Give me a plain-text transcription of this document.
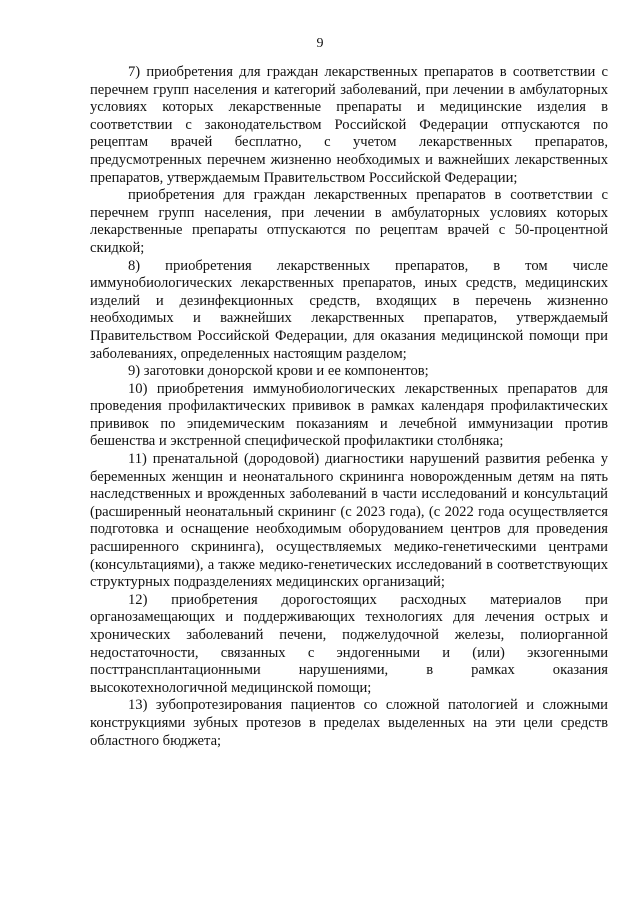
9

7) приобретения для граждан лекарственных препаратов в соответствии с перечнем групп населения и категорий заболеваний, при лечении в амбулаторных условиях которых лекарственные препараты и медицинские изделия в соответствии с законодательством Российской Федерации отпускаются по рецептам врачей бесплатно, с учетом лекарственных препаратов, предусмотренных перечнем жизненно необходимых и важнейших лекарственных препаратов, утверждаемым Правительством Российской Федерации;

приобретения для граждан лекарственных препаратов в соответствии с перечнем групп населения, при лечении в амбулаторных условиях которых лекарственные препараты отпускаются по рецептам врачей с 50-процентной скидкой;

8) приобретения лекарственных препаратов, в том числе иммунобиологических лекарственных препаратов, иных средств, медицинских изделий и дезинфекционных средств, входящих в перечень жизненно необходимых и важнейших лекарственных препаратов, утверждаемый Правительством Российской Федерации, для оказания медицинской помощи при заболеваниях, определенных настоящим разделом;

9) заготовки донорской крови и ее компонентов;

10) приобретения иммунобиологических лекарственных препаратов для проведения профилактических прививок в рамках календаря профилактических прививок по эпидемическим показаниям и лечебной иммунизации против бешенства и экстренной специфической профилактики столбняка;

11) пренатальной (дородовой) диагностики нарушений развития ребенка у беременных женщин и неонатального скрининга новорожденным детям на пять наследственных и врожденных заболеваний в части исследований и консультаций (расширенный неонатальный скрининг (с 2023 года), (с 2022 года осуществляется подготовка и оснащение необходимым оборудованием центров для проведения расширенного скрининга), осуществляемых медико-генетическими центрами (консультациями), а также медико-генетических исследований в соответствующих структурных подразделениях медицинских организаций;

12) приобретения дорогостоящих расходных материалов при органозамещающих и поддерживающих технологиях для лечения острых и хронических заболеваний печени, поджелудочной железы, полиорганной недостаточности, связанных с эндогенными и (или) экзогенными посттрансплантационными нарушениями, в рамках оказания высокотехнологичной медицинской помощи;

13) зубопротезирования пациентов со сложной патологией и сложными конструкциями зубных протезов в пределах выделенных на эти цели средств областного бюджета;
